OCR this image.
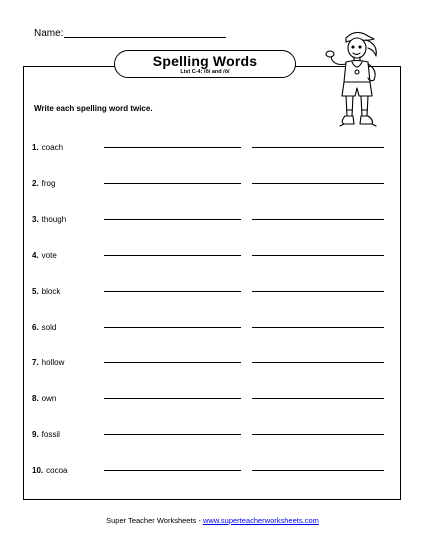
Name:
Spelling Words
List C-4: /ŏ/ and /ō/
Write each spelling word twice.
1. coach
2. frog
3. though
4. vote
5. block
6. sold
7. hollow
8. own
9. fossil
10. cocoa
Super Teacher Worksheets - www.superteacherworksheets.com
